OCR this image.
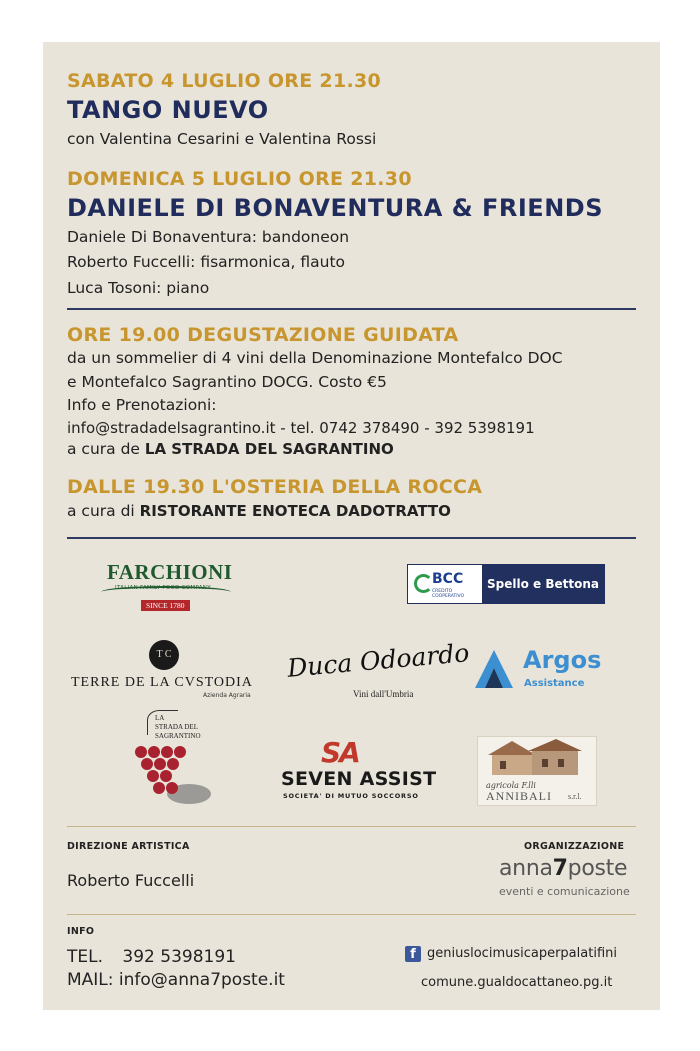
SABATO 4 LUGLIO ORE 21.30
TANGO NUEVO
con Valentina Cesarini e Valentina Rossi
DOMENICA 5 LUGLIO ORE 21.30
DANIELE DI BONAVENTURA & FRIENDS
Daniele Di Bonaventura: bandoneon
Roberto Fuccelli: fisarmonica, flauto
Luca Tosoni: piano
ORE 19.00 DEGUSTAZIONE GUIDATA
da un sommelier di 4 vini della Denominazione Montefalco DOC
e Montefalco Sagrantino DOCG. Costo €5
Info e Prenotazioni:
info@stradadelsagrantino.it - tel. 0742 378490 - 392 5398191
a cura de LA STRADA DEL SAGRANTINO
DALLE 19.30 L'OSTERIA DELLA ROCCA
a cura di RISTORANTE ENOTECA DADOTRATTO
FARCHIONI
ITALIAN FAMILY FOOD COMPANY
SINCE 1780
BCC
CREDITO COOPERATIVO
Spello e Bettona
T C
TERRE DE LA CVSTODIA
Azienda Agraria
Duca Odoardo
Vini dall'Umbria
Argos
Assistance
LA
STRADA DEL
SAGRANTINO	SA
SEVEN ASSIST
SOCIETA' DI MUTUO SOCCORSO
agricola F.lli
ANNIBALI s.r.l.
DIREZIONE ARTISTICA	ORGANIZZAZIONE
Roberto Fuccelli	anna7poste
eventi e comunicazione
INFO
TEL. 392 5398191
MAIL: info@anna7poste.it
f geniuslocimusicaperpalatifini
comune.gualdocattaneo.pg.it
